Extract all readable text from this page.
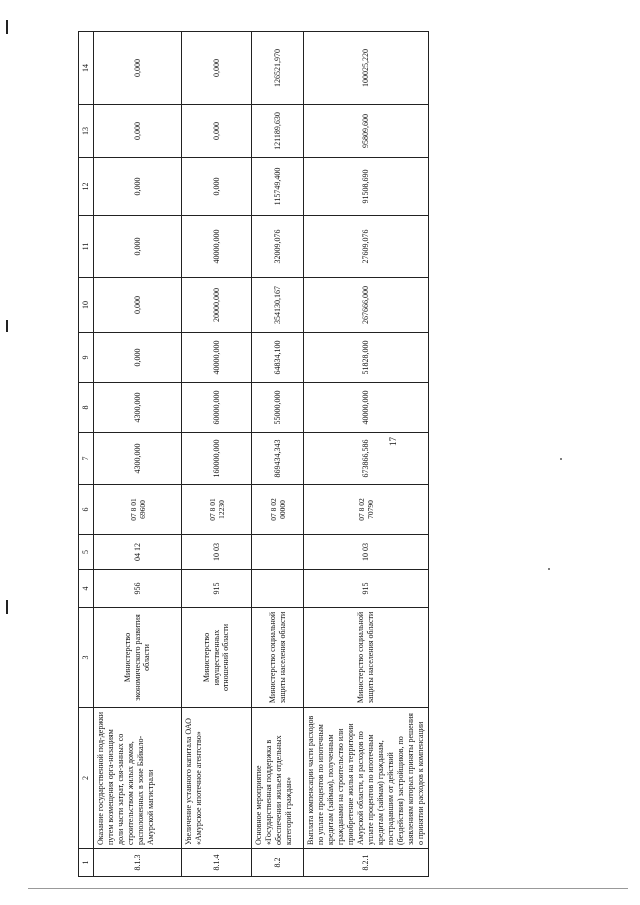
17
1	2	3	4	5	6	7	8	9	10	11	12	13	14
8.1.3	Оказание государственной под-держки путем возмещения орга-низациям доли части затрат, свя-занных со строительством жилых домов, расположенных в зоне Байкало-Амурской магистрали	Министерство экономического развития области	956	04 12	07 8 01 69600	4300,000	4300,000	0,000	0,000	0,000	0,000	0,000	0,000
8.1.4	Увеличение уставного капитала ОАО «Амурское ипотечное агентство»	Министерство имущественных отношений области	915	10 03	07 8 01 12230	160000,000	60000,000	40000,000	20000,000	40000,000	0,000	0,000	0,000
8.2	Основное мероприятие «Государственная поддержка в обеспечении жильем отдельных категорий граждан»	Министерство социальной защиты населения области			07 8 02 00000	869434,343	55000,000	64834,100	354130,167	32009,076	115749,400	121189,630	126521,970
8.2.1	Выплата компенсации части расходов по уплате процентов по ипотечным кредитам (займам), полученным гражданами на строительство или приобретение жилья на территории Амурской области, и расходов по уплате процентов по ипотечным кредитам (займам) гражданам, пострадавшим от действий (бездействия) застройщиков, по заявлениям которых приняты решения о принятии расходов к компенсации	Министерство социальной защиты населения области	915	10 03	07 8 02 70790	673866,586	40000,000	51828,000	267666,000	27609,076	91508,690	95809,600	100025,220
